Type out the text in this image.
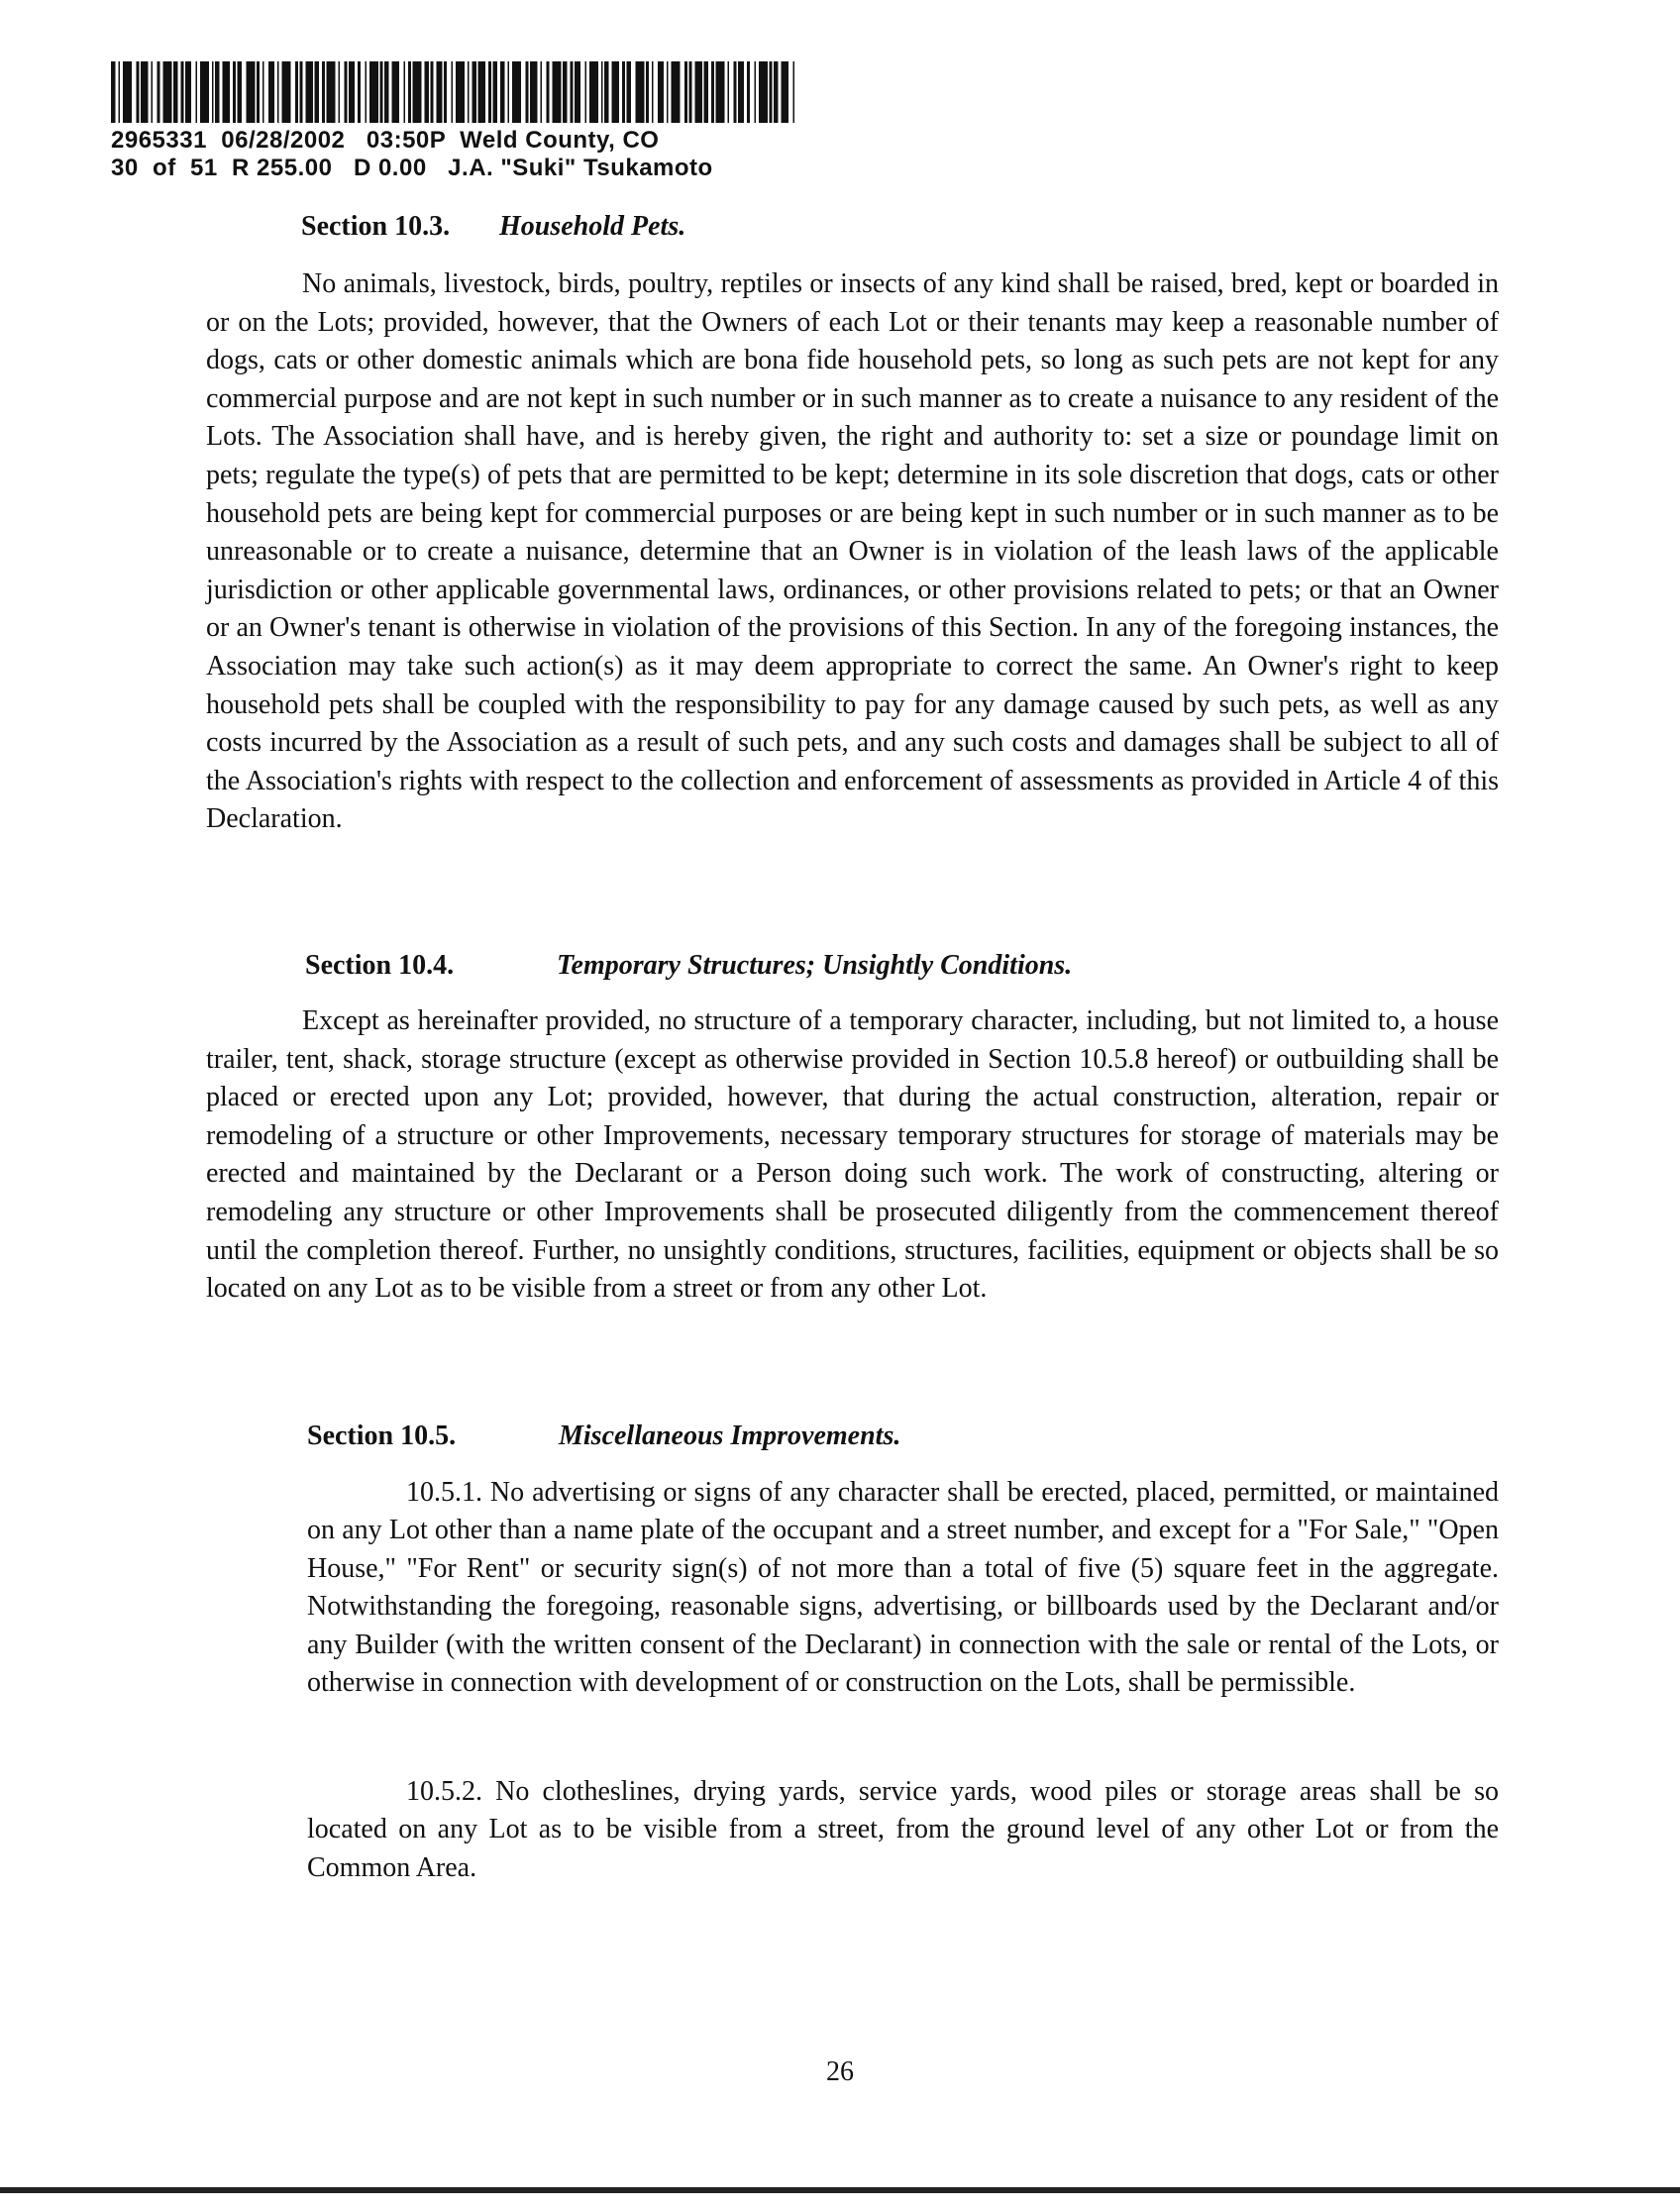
2965331  06/28/2002   03:50P  Weld County, CO
30  of  51  R 255.00   D 0.00   J.A. "Suki" Tsukamoto
Section 10.3. Household Pets.

No animals, livestock, birds, poultry, reptiles or insects of any kind shall be raised, bred, kept or boarded in or on the Lots; provided, however, that the Owners of each Lot or their tenants may keep a reasonable number of dogs, cats or other domestic animals which are bona fide household pets, so long as such pets are not kept for any commercial purpose and are not kept in such number or in such manner as to create a nuisance to any resident of the Lots. The Association shall have, and is hereby given, the right and authority to: set a size or poundage limit on pets; regulate the type(s) of pets that are permitted to be kept; determine in its sole discretion that dogs, cats or other household pets are being kept for commercial purposes or are being kept in such number or in such manner as to be unreasonable or to create a nuisance, determine that an Owner is in violation of the leash laws of the applicable jurisdiction or other applicable governmental laws, ordinances, or other provisions related to pets; or that an Owner or an Owner's tenant is otherwise in violation of the provisions of this Section. In any of the foregoing instances, the Association may take such action(s) as it may deem appropriate to correct the same. An Owner's right to keep household pets shall be coupled with the responsibility to pay for any damage caused by such pets, as well as any costs incurred by the Association as a result of such pets, and any such costs and damages shall be subject to all of the Association's rights with respect to the collection and enforcement of assessments as provided in Article 4 of this Declaration.

Section 10.4.	Temporary Structures; Unsightly Conditions.

Except as hereinafter provided, no structure of a temporary character, including, but not limited to, a house trailer, tent, shack, storage structure (except as otherwise provided in Section 10.5.8 hereof) or outbuilding shall be placed or erected upon any Lot; provided, however, that during the actual construction, alteration, repair or remodeling of a structure or other Improvements, necessary temporary structures for storage of materials may be erected and maintained by the Declarant or a Person doing such work. The work of constructing, altering or remodeling any structure or other Improvements shall be prosecuted diligently from the commencement thereof until the completion thereof. Further, no unsightly conditions, structures, facilities, equipment or objects shall be so located on any Lot as to be visible from a street or from any other Lot.

Section 10.5.	Miscellaneous Improvements.

10.5.1. No advertising or signs of any character shall be erected, placed, permitted, or maintained on any Lot other than a name plate of the occupant and a street number, and except for a "For Sale," "Open House," "For Rent" or security sign(s) of not more than a total of five (5) square feet in the aggregate. Notwithstanding the foregoing, reasonable signs, advertising, or billboards used by the Declarant and/or any Builder (with the written consent of the Declarant) in connection with the sale or rental of the Lots, or otherwise in connection with development of or construction on the Lots, shall be permissible.

10.5.2. No clotheslines, drying yards, service yards, wood piles or storage areas shall be so located on any Lot as to be visible from a street, from the ground level of any other Lot or from the Common Area.

26
